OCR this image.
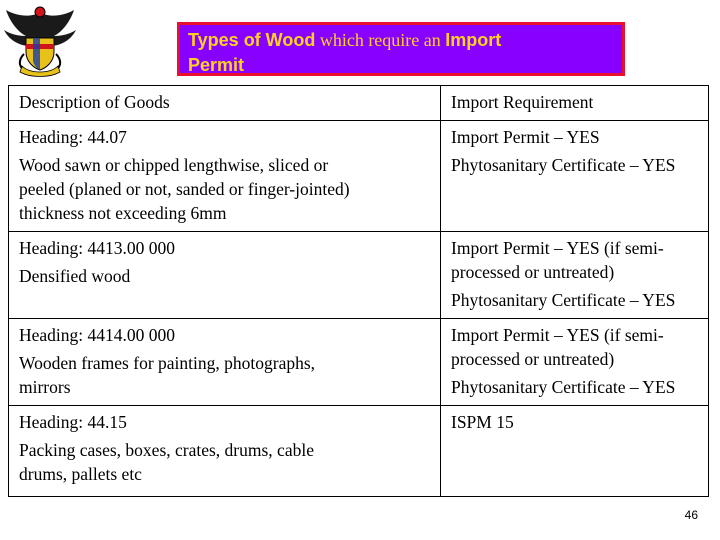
Types of Wood which require an Import
Permit
Description of Goods	Import Requirement

Heading: 44.07
Wood sawn or chipped lengthwise, sliced or
peeled (planed or not, sanded or finger-jointed)
thickness not exceeding 6mm	Import Permit – YES
Phytosanitary Certificate – YES

Heading: 4413.00 000
Densified wood	Import Permit – YES (if semi-
processed or untreated)
Phytosanitary Certificate – YES

Heading: 4414.00 000
Wooden frames for painting, photographs,
mirrors	Import Permit – YES (if semi-
processed or untreated)
Phytosanitary Certificate – YES

Heading: 44.15
Packing cases, boxes, crates, drums, cable
drums, pallets etc	ISPM 15
46
